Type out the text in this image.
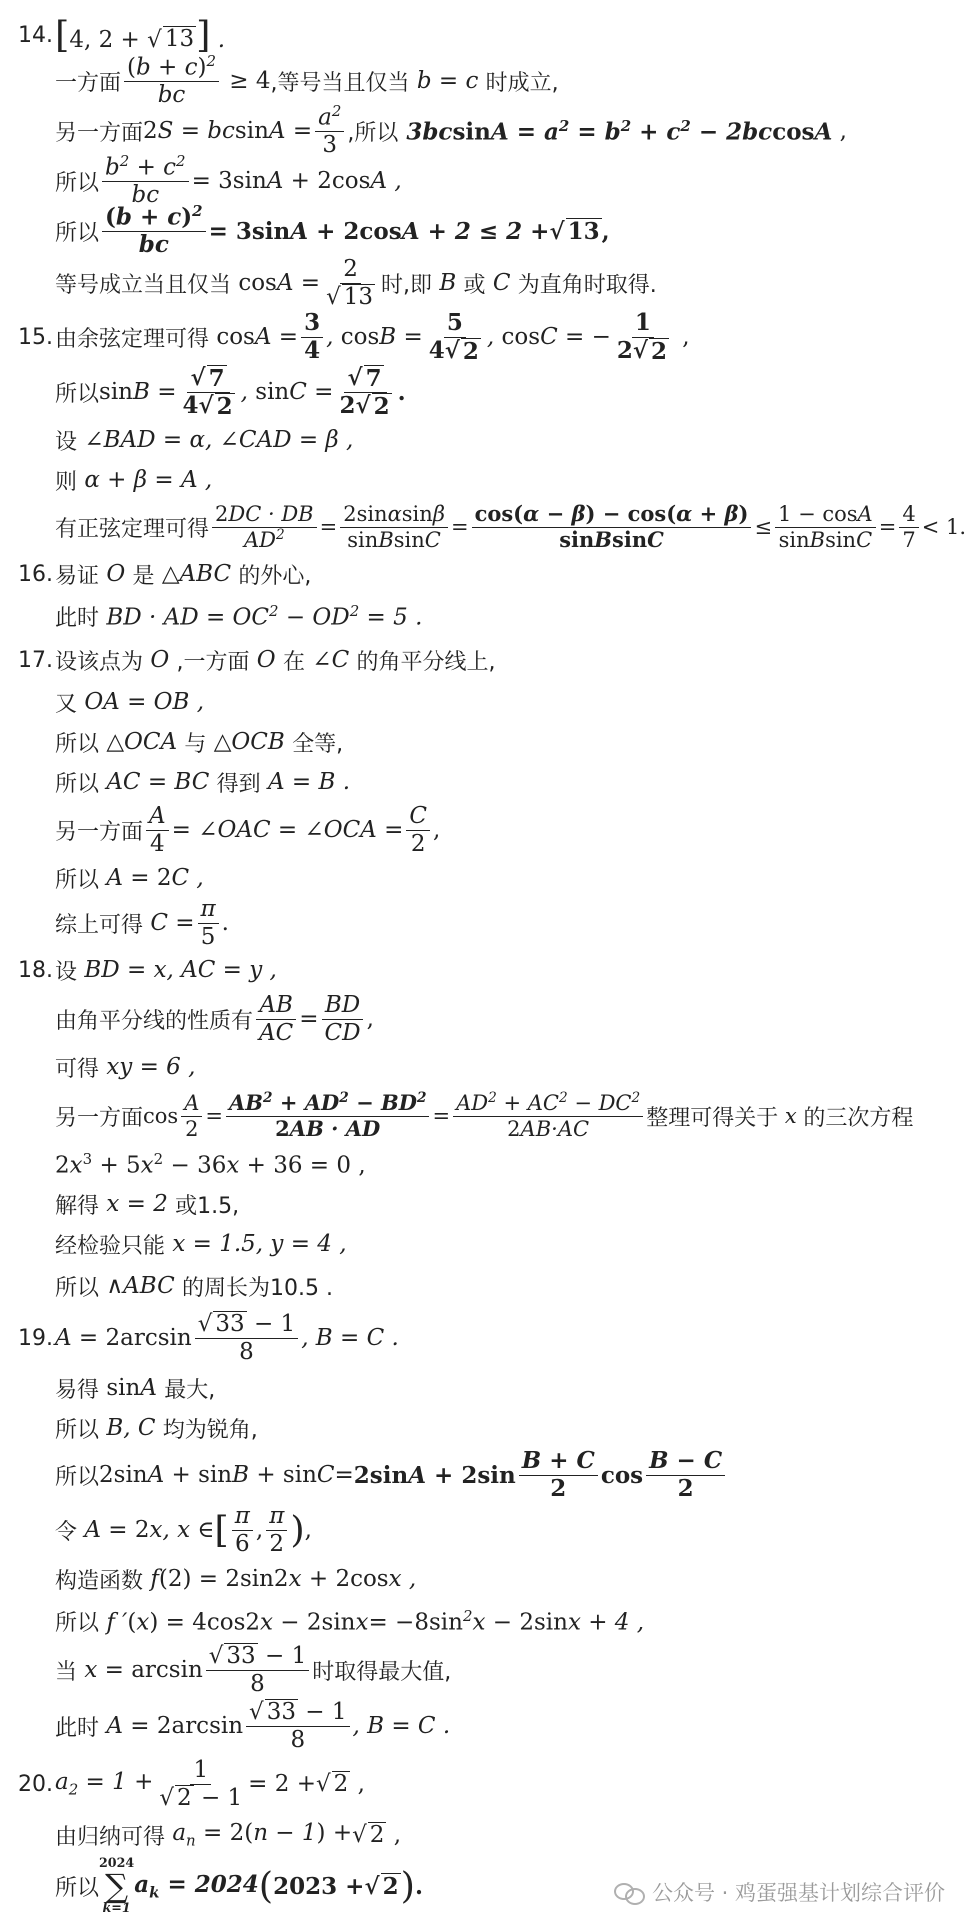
14. [4, 2 + √ 13 ] .
一方面 $\frac{(b + c)^2}{bc} \ge 4$ ,等号当且仅当 b = c 时成立,
另一方面 $2S = bcsinA = \frac{a^2}{3}$ ,所以 $3bcsinA = a^2 = b^2 + c^2 - 2bccosA$ ,
所以 $\frac{b^2 + c^2}{bc} = 3\sin A + 2\cos A$ ,
所以 $\frac{(b + c)^2}{bc} = 3\sin A + 2\cos A + 2 \le 2$ + √ 13 ,
等号成立当且仅当 $\cos A = \frac{2}{√ 13}$ 时,即 B 或 C 为直角时取得.
15. 由余弦定理可得 $\cos A = \frac{3}{4}$ , $\cos B = \frac{5}{4 √ 2}$ , cosC = − $\frac{1}{2 √ 2}$ ,
所以 $\sin B = \frac{√ 7}{4 √ 2}$ , $\sin C = \frac{√ 7}{2 √ 2}$ .
设 ∠BAD = α, ∠CAD = β ,
则 α + β = A ,
有正弦定理可得 $\frac{2DC \cdot DB}{AD^2} = \frac{2\sin\alpha\sin\beta}{\text{sinBsinC}} = \frac{\cos(\alpha - \beta) - \cos(\alpha + \beta)}{\text{sinBsinC}} \le \frac{1 - \cos A}{\text{sinBsinC}} = \frac{4}{7} < 1$.
16. 易证 O 是 △ABC 的外心,
此时 BD · AD = $OC^2 - OD^2 = 5$ .
17. 设该点为 O ,一方面 O 在 ∠C 的角平分线上,
又 OA = OB ,
所以 △OCA 与 △OCB 全等,
所以 AC = BC 得到 A = B .
另一方面 $\frac{A}{4}$ = ∠OAC = ∠OCA = $\frac{C}{2}$ ,
所以 A = 2C ,
综上可得 $C = \frac{\pi}{5}$ .
18. 设 BD = x, AC = y ,
由角平分线的性质有 $\frac{AB}{AC} = \frac{BD}{CD}$ ,
可得 xy = 6 ,
另一方面 $\cos \frac{A}{2} = \frac{AB^2 + AD^2 - BD^2}{2AB \cdot AD} = \frac{AD^2 + AC^2 - DC^2}{2AB\cdot AC}$ 整理可得关于 x 的三次方程
$2x^3 + 5x^2 - 36x + 36 = 0$ ,
解得 x = 2 或1.5,
经检验只能 x = 1.5, y = 4 ,
所以 ∧ABC 的周长为10.5 .
19. $A = 2\arcsin \frac{√ 33 - 1}{8}$ , B = C .
易得 sinA 最大,
所以 B, C 均为锐角,
所以 $2\sin A + \sin B + \sin C= 2\sin A + 2\sin \frac{B + C}{2}$ $\cos \frac{B - C}{2}$
令 A = 2x, x ∈ [ $\frac{\pi}{6}$ , $\frac{\pi}{2}$ ) ,
构造函数 f(2) = 2sin2x + 2cosx ,
所以 f $'(x) = 4\cos 2x - 2\sin x= -8\sin^2x - 2\sin x + 4$ ,
当 $x = \arcsin \frac{√ 33 - 1}{8}$ 时取得最大值,
此时 $A = 2\arcsin \frac{√ 33 - 1}{8}$ , B = C .
20. $a_2 = 1 + \frac{1}{√ 2 - 1} = 2$ + √ 2 ,
由归纳可得 $a_n = 2(n - 1)$ + √ 2 ,
所以
2024
∑
k=1
$a_k = 2024$ ( 2023 + √ 2 ) .	公众号 · 鸡蛋强基计划综合评价
